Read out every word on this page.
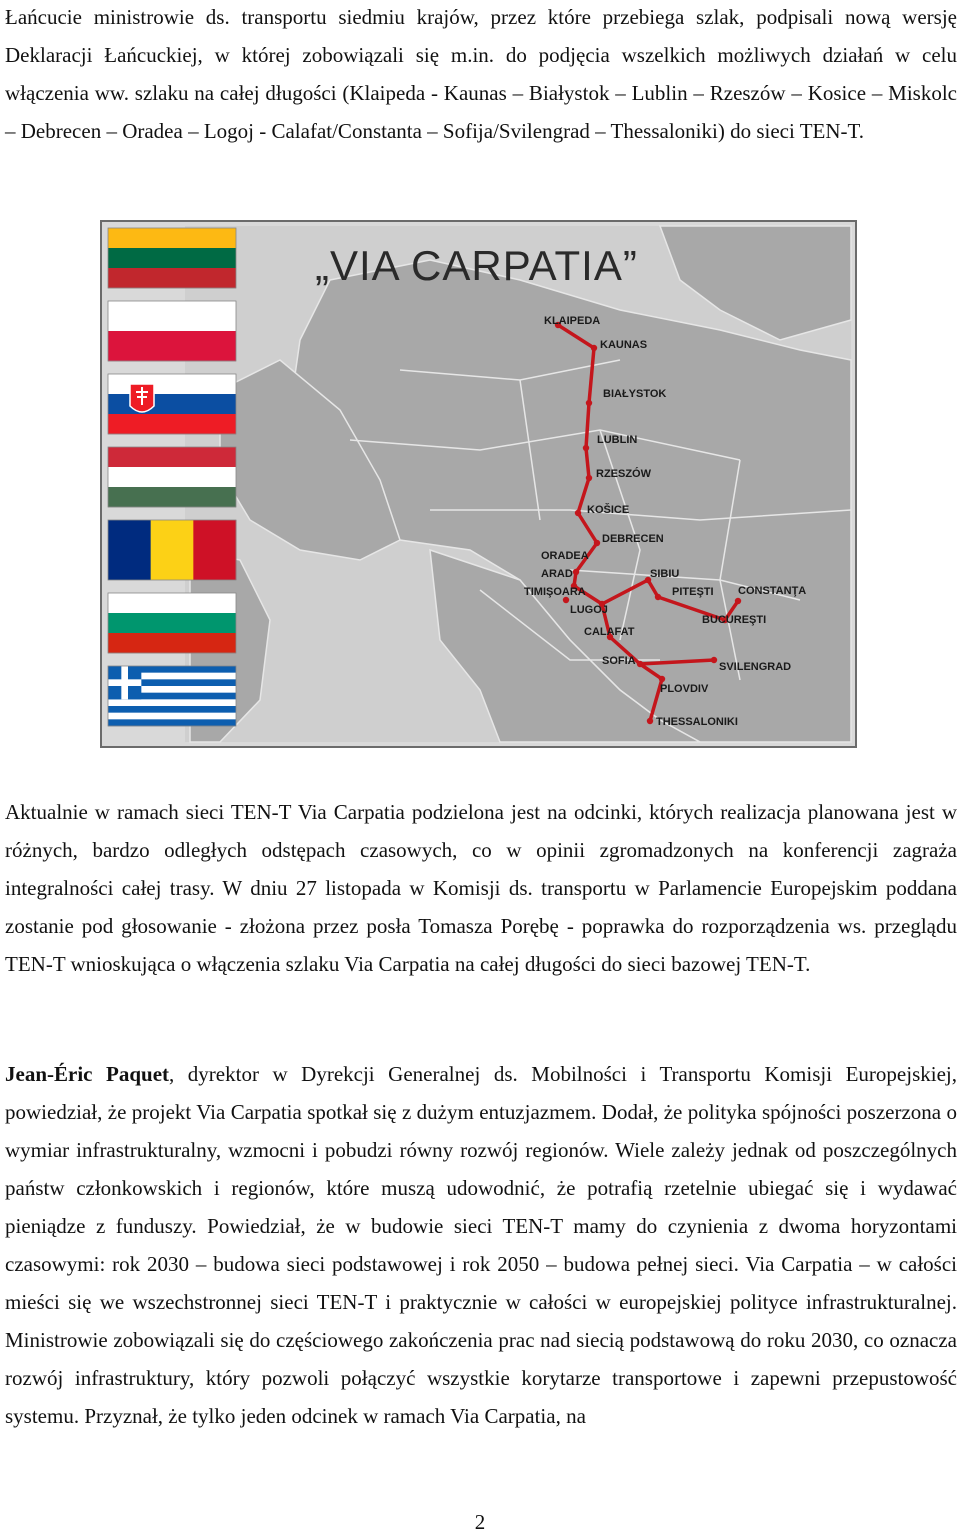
Łańcucie ministrowie ds. transportu siedmiu krajów, przez które przebiega szlak, podpisali nową wersję Deklaracji Łańcuckiej, w której zobowiązali się m.in. do podjęcia wszelkich możliwych działań w celu włączenia ww. szlaku na całej długości (Klaipeda - Kaunas – Białystok – Lublin – Rzeszów – Kosice – Miskolc – Debrecen – Oradea – Logoj - Calafat/Constanta – Sofija/Svilengrad – Thessaloniki) do sieci TEN-T.
KLAIPEDA
KAUNAS
BIAŁYSTOK
LUBLIN
RZESZÓW
KOŠICE
DEBRECEN
ORADEA
ARAD
TIMIŞOARA
LUGOJ
SIBIU
PITEŞTI CONSTANŢA
BUCUREŞTI
CALAFAT
SOFIA	SVILENGRAD
PLOVDIV
THESSALONIKI
„VIA CARPATIA”
Aktualnie w ramach sieci TEN-T Via Carpatia podzielona jest na odcinki, których realizacja planowana jest w różnych, bardzo odległych odstępach czasowych, co w opinii zgromadzonych na konferencji zagraża integralności całej trasy. W dniu 27 listopada w Komisji ds. transportu w Parlamencie Europejskim poddana zostanie pod głosowanie - złożona przez posła Tomasza Porębę - poprawka do rozporządzenia ws. przeglądu TEN-T wnioskująca o włączenia szlaku Via Carpatia na całej długości do sieci bazowej TEN-T.
Jean-Éric Paquet, dyrektor w Dyrekcji Generalnej ds. Mobilności i Transportu Komisji Europejskiej, powiedział, że projekt Via Carpatia spotkał się z dużym entuzjazmem. Dodał, że polityka spójności poszerzona o wymiar infrastrukturalny, wzmocni i pobudzi równy rozwój regionów. Wiele zależy jednak od poszczególnych państw członkowskich i regionów, które muszą udowodnić, że potrafią rzetelnie ubiegać się i wydawać pieniądze z funduszy. Powiedział, że w budowie sieci TEN-T mamy do czynienia z dwoma horyzontami czasowymi: rok 2030 – budowa sieci podstawowej i rok 2050 – budowa pełnej sieci. Via Carpatia – w całości mieści się we wszechstronnej sieci TEN-T i praktycznie w całości w europejskiej polityce infrastrukturalnej. Ministrowie zobowiązali się do częściowego zakończenia prac nad siecią podstawową do roku 2030, co oznacza rozwój infrastruktury, który pozwoli połączyć wszystkie korytarze transportowe i zapewni przepustowość systemu. Przyznał, że tylko jeden odcinek w ramach Via Carpatia, na
2
